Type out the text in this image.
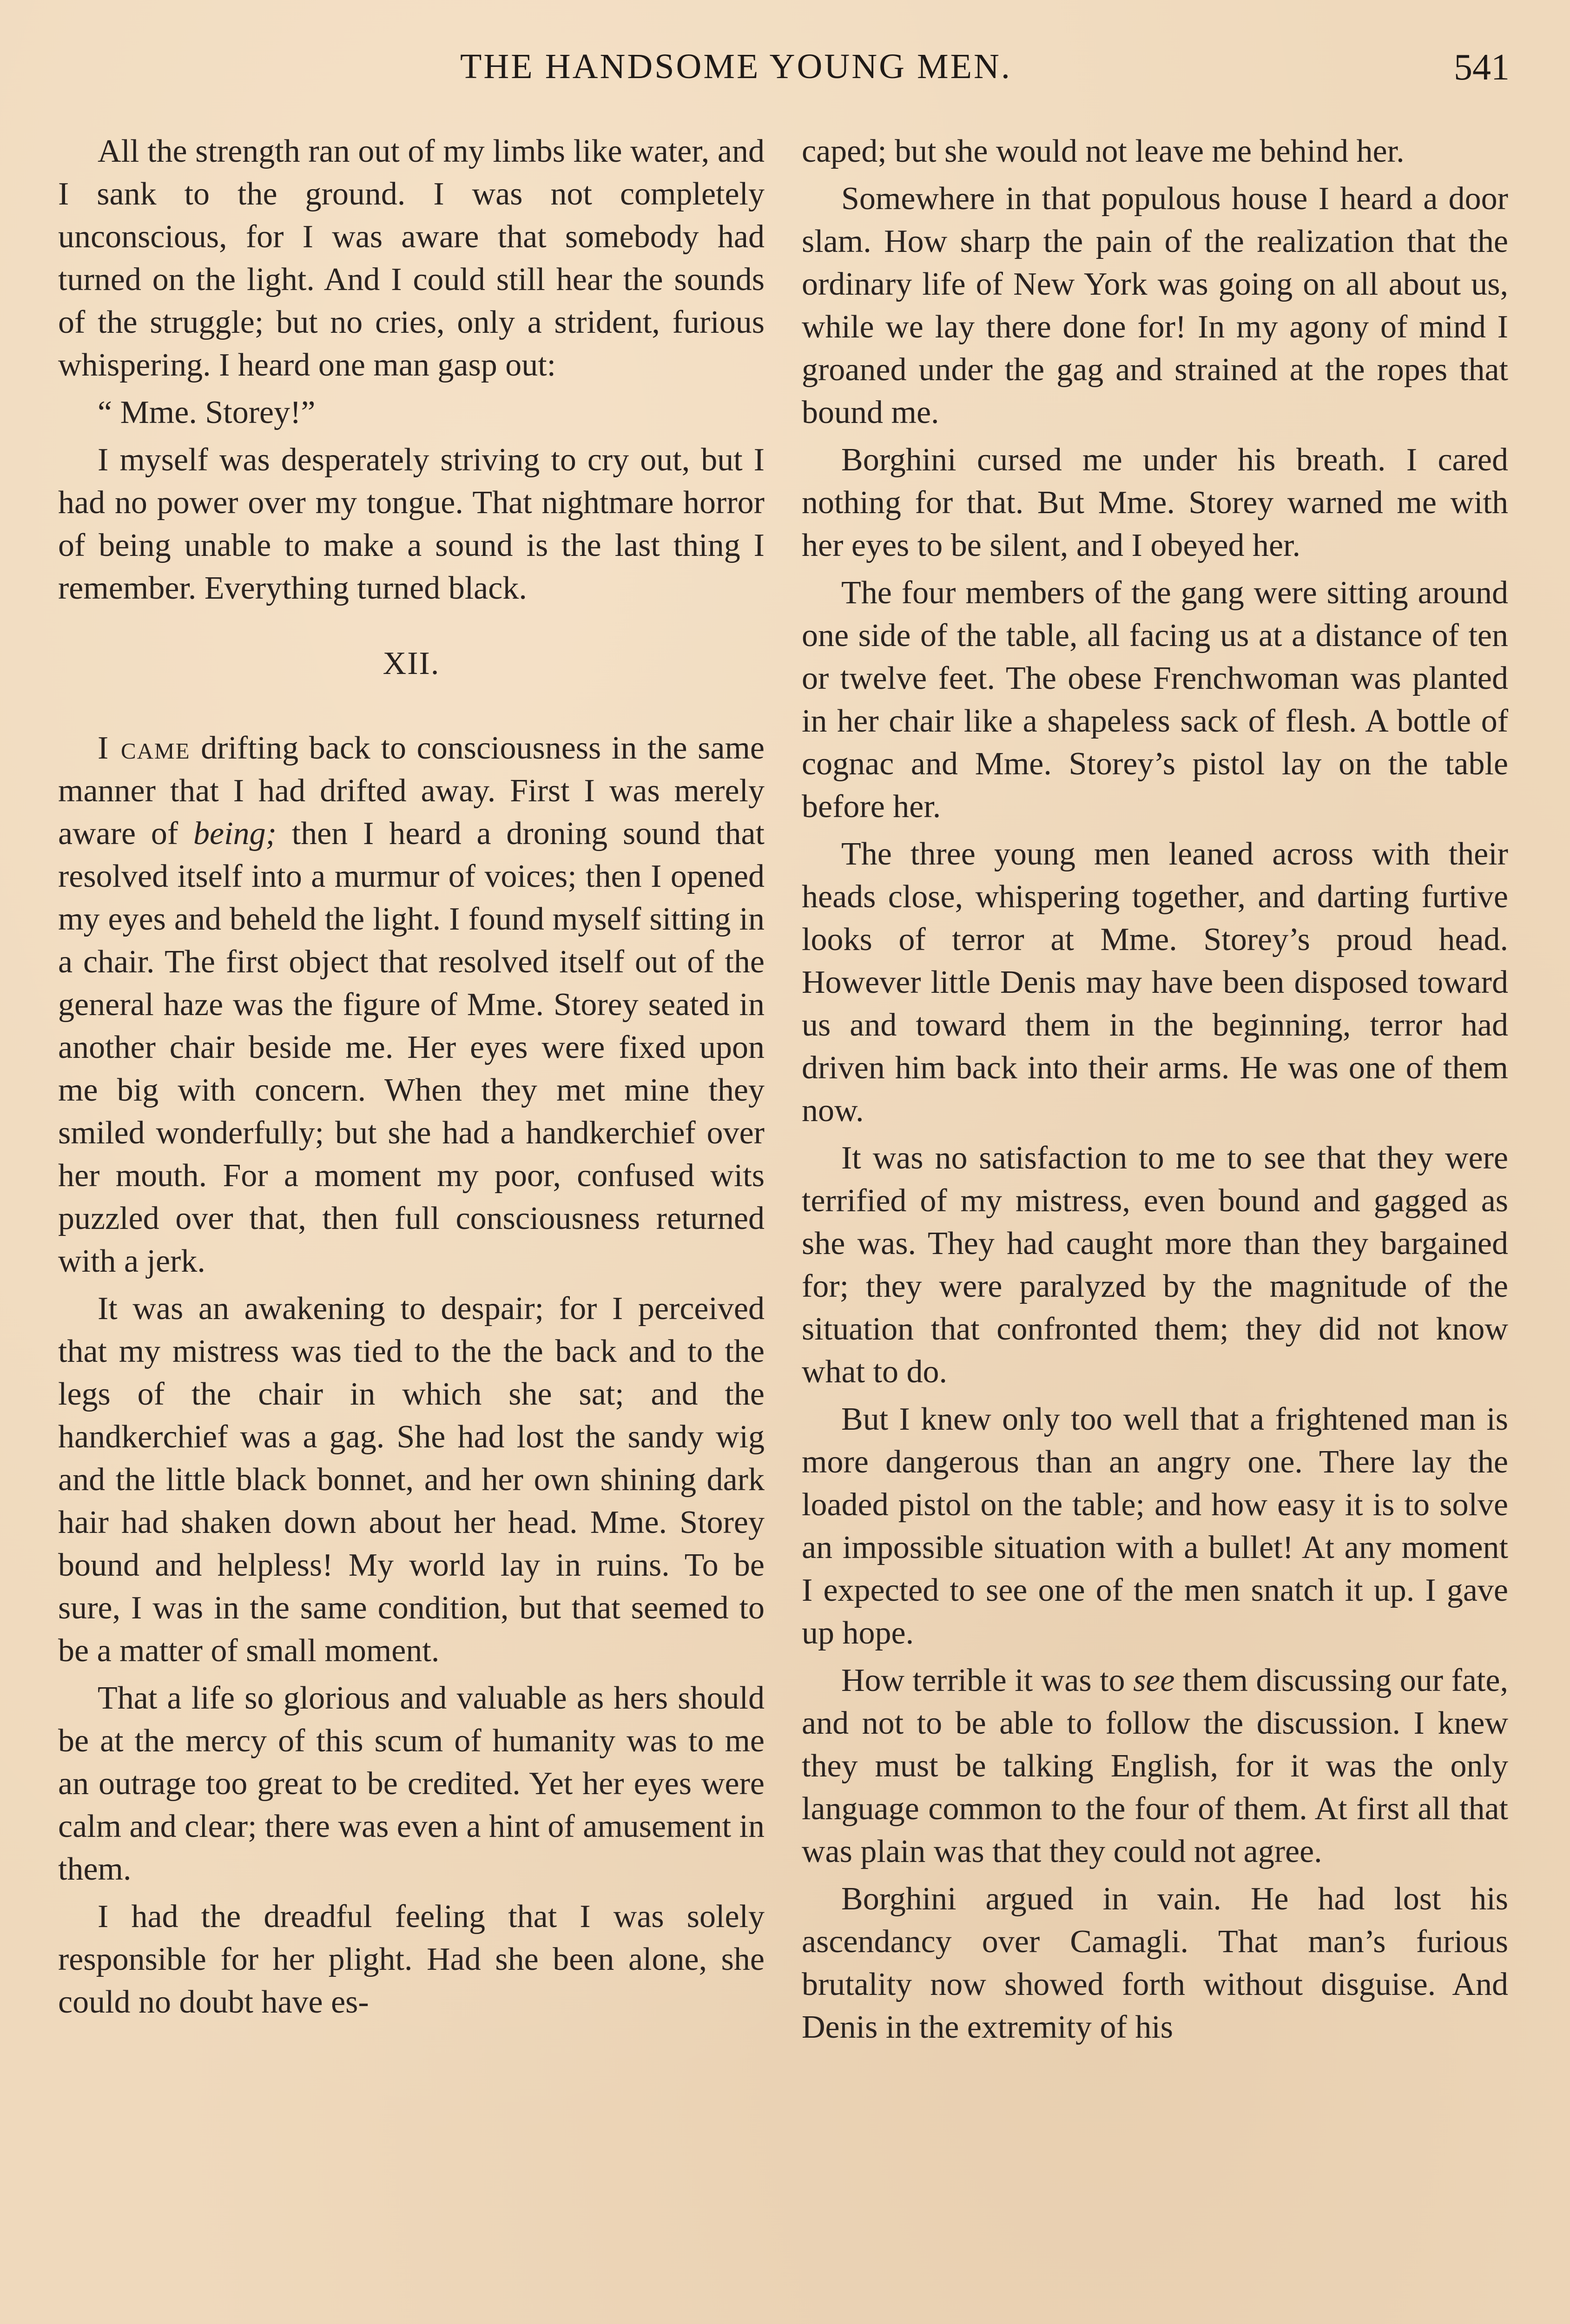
THE HANDSOME YOUNG MEN.	541

All the strength ran out of my limbs like water, and I sank to the ground. I was not completely unconscious, for I was aware that somebody had turned on the light. And I could still hear the sounds of the struggle; but no cries, only a strident, furious whispering. I heard one man gasp out:

“ Mme. Storey!”

I myself was desperately striving to cry out, but I had no power over my tongue. That nightmare horror of being unable to make a sound is the last thing I remember. Everything turned black.

XII.

I came drifting back to consciousness in the same manner that I had drifted away. First I was merely aware of being; then I heard a droning sound that resolved itself into a murmur of voices; then I opened my eyes and beheld the light. I found myself sitting in a chair. The first object that resolved itself out of the general haze was the figure of Mme. Storey seated in another chair beside me. Her eyes were fixed upon me big with concern. When they met mine they smiled wonderfully; but she had a handkerchief over her mouth. For a moment my poor, confused wits puzzled over that, then full consciousness returned with a jerk.

It was an awakening to despair; for I perceived that my mistress was tied to the the back and to the legs of the chair in which she sat; and the handkerchief was a gag. She had lost the sandy wig and the little black bonnet, and her own shining dark hair had shaken down about her head. Mme. Storey bound and helpless! My world lay in ruins. To be sure, I was in the same condition, but that seemed to be a matter of small moment.

That a life so glorious and valuable as hers should be at the mercy of this scum of humanity was to me an outrage too great to be credited. Yet her eyes were calm and clear; there was even a hint of amusement in them.

I had the dreadful feeling that I was solely responsible for her plight. Had she been alone, she could no doubt have es-

caped; but she would not leave me behind her.

Somewhere in that populous house I heard a door slam. How sharp the pain of the realization that the ordinary life of New York was going on all about us, while we lay there done for! In my agony of mind I groaned under the gag and strained at the ropes that bound me.

Borghini cursed me under his breath. I cared nothing for that. But Mme. Storey warned me with her eyes to be silent, and I obeyed her.

The four members of the gang were sitting around one side of the table, all facing us at a distance of ten or twelve feet. The obese Frenchwoman was planted in her chair like a shapeless sack of flesh. A bottle of cognac and Mme. Storey’s pistol lay on the table before her.

The three young men leaned across with their heads close, whispering together, and darting furtive looks of terror at Mme. Storey’s proud head. However little Denis may have been disposed toward us and toward them in the beginning, terror had driven him back into their arms. He was one of them now.

It was no satisfaction to me to see that they were terrified of my mistress, even bound and gagged as she was. They had caught more than they bargained for; they were paralyzed by the magnitude of the situation that confronted them; they did not know what to do.

But I knew only too well that a frightened man is more dangerous than an angry one. There lay the loaded pistol on the table; and how easy it is to solve an impossible situation with a bullet! At any moment I expected to see one of the men snatch it up. I gave up hope.

How terrible it was to see them discussing our fate, and not to be able to follow the discussion. I knew they must be talking English, for it was the only language common to the four of them. At first all that was plain was that they could not agree.

Borghini argued in vain. He had lost his ascendancy over Camagli. That man’s furious brutality now showed forth without disguise. And Denis in the extremity of his
